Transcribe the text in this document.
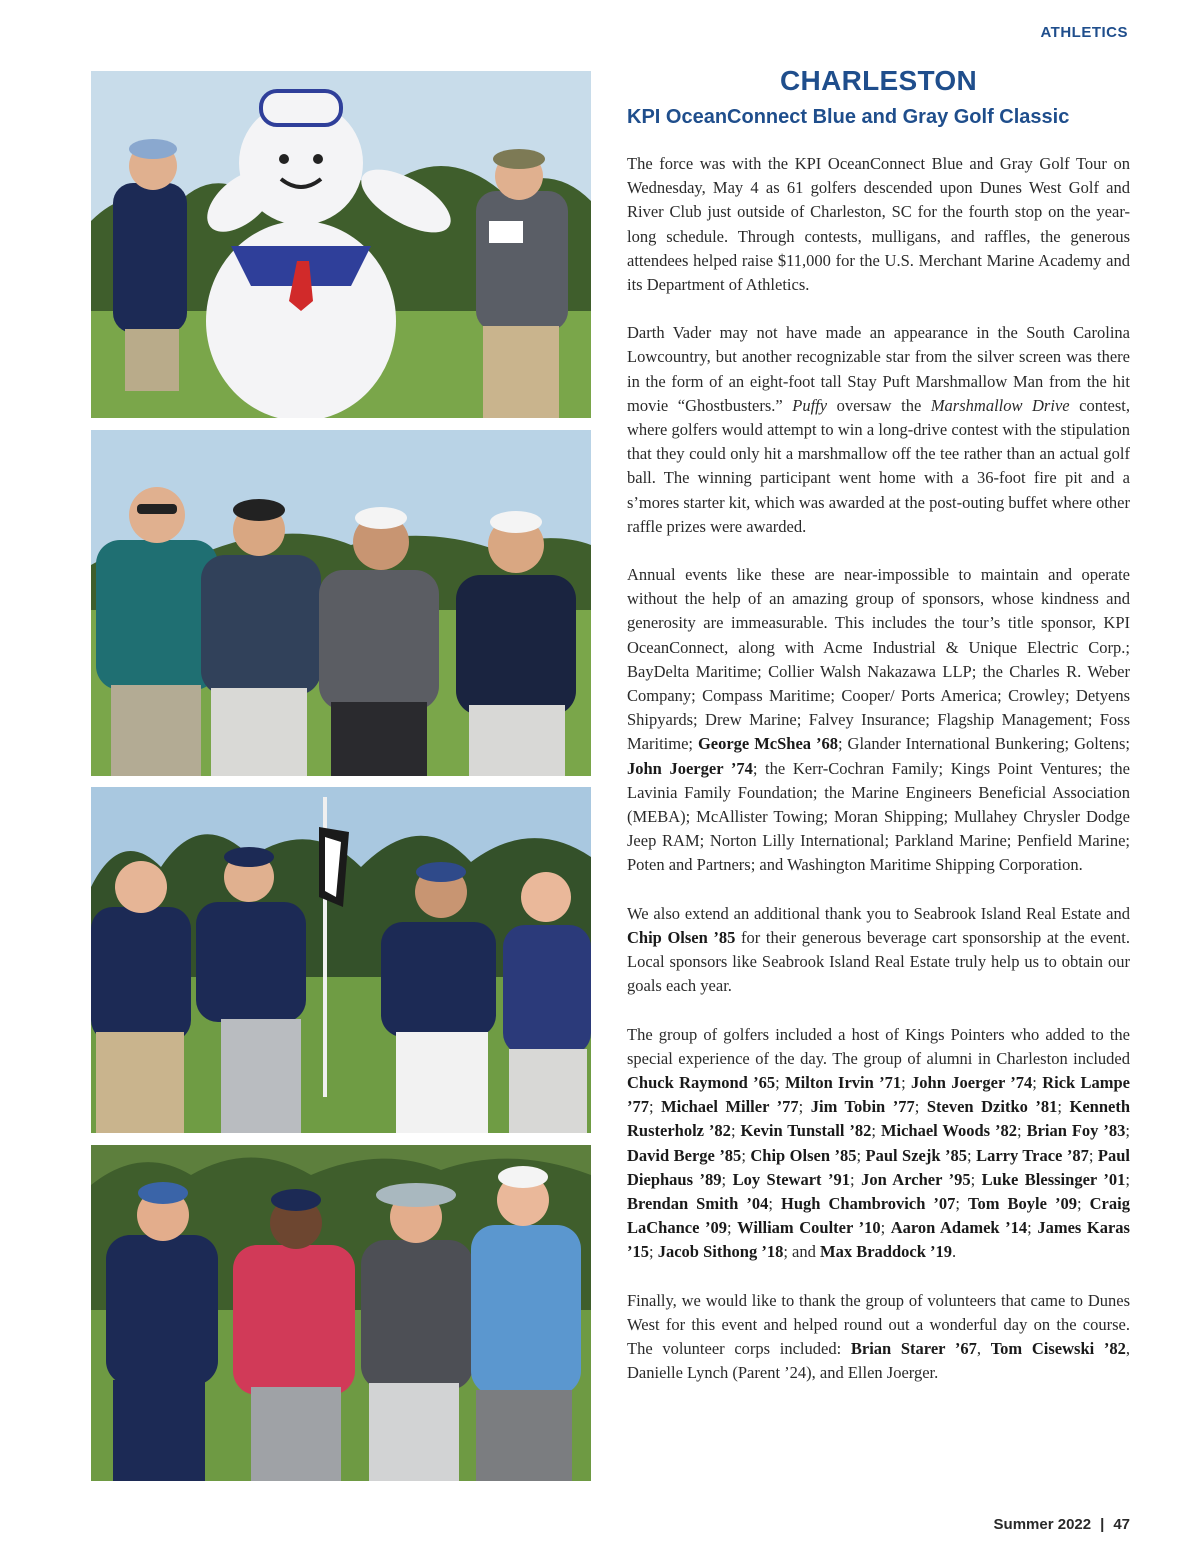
ATHLETICS
CHARLESTON
KPI OceanConnect Blue and Gray Golf Classic

The force was with the KPI OceanConnect Blue and Gray Golf Tour on Wednesday, May 4 as 61 golfers descended upon Dunes West Golf and River Club just outside of Charleston, SC for the fourth stop on the year-long schedule. Through contests, mulligans, and raffles, the generous attendees helped raise $11,000 for the U.S. Merchant Marine Academy and its Department of Athletics.

Darth Vader may not have made an appearance in the South Carolina Lowcountry, but another recognizable star from the silver screen was there in the form of an eight-foot tall Stay Puft Marshmallow Man from the hit movie “Ghostbusters.” Puffy oversaw the Marshmallow Drive contest, where golfers would attempt to win a long-drive contest with the stipulation that they could only hit a marshmallow off the tee rather than an actual golf ball. The winning participant went home with a 36-foot fire pit and a s’mores starter kit, which was awarded at the post-outing buffet where other raffle prizes were awarded.

Annual events like these are near-impossible to maintain and operate without the help of an amazing group of sponsors, whose kindness and generosity are immeasurable. This includes the tour’s title sponsor, KPI OceanConnect, along with Acme Industrial & Unique Electric Corp.; BayDelta Maritime; Collier Walsh Nakazawa LLP; the Charles R. Weber Company; Compass Maritime; Cooper/ Ports America; Crowley; Detyens Shipyards; Drew Marine; Falvey Insurance; Flagship Management; Foss Maritime; George McShea ’68; Glander International Bunkering; Goltens; John Joerger ’74; the Kerr-Cochran Family; Kings Point Ventures; the Lavinia Family Foundation; the Marine Engineers Beneficial Association (MEBA); McAllister Towing; Moran Shipping; Mullahey Chrysler Dodge Jeep RAM; Norton Lilly International; Parkland Marine; Penfield Marine; Poten and Partners; and Washington Maritime Shipping Corporation.

We also extend an additional thank you to Seabrook Island Real Estate and Chip Olsen ’85 for their generous beverage cart sponsorship at the event. Local sponsors like Seabrook Island Real Estate truly help us to obtain our goals each year.

The group of golfers included a host of Kings Pointers who added to the special experience of the day. The group of alumni in Charleston included Chuck Raymond ’65; Milton Irvin ’71; John Joerger ’74; Rick Lampe ’77; Michael Miller ’77; Jim Tobin ’77; Steven Dzitko ’81; Kenneth Rusterholz ’82; Kevin Tunstall ’82; Michael Woods ’82; Brian Foy ’83; David Berge ’85; Chip Olsen ’85; Paul Szejk ’85; Larry Trace ’87; Paul Diephaus ’89; Loy Stewart ’91; Jon Archer ’95; Luke Blessinger ’01; Brendan Smith ’04; Hugh Chambrovich ’07; Tom Boyle ’09; Craig LaChance ’09; William Coulter ’10; Aaron Adamek ’14; James Karas ’15; Jacob Sithong ’18; and Max Braddock ’19.

Finally, we would like to thank the group of volunteers that came to Dunes West for this event and helped round out a wonderful day on the course. The volunteer corps included: Brian Starer ’67, Tom Cisewski ’82, Danielle Lynch (Parent ’24), and Ellen Joerger.

Summer 2022 | 47
